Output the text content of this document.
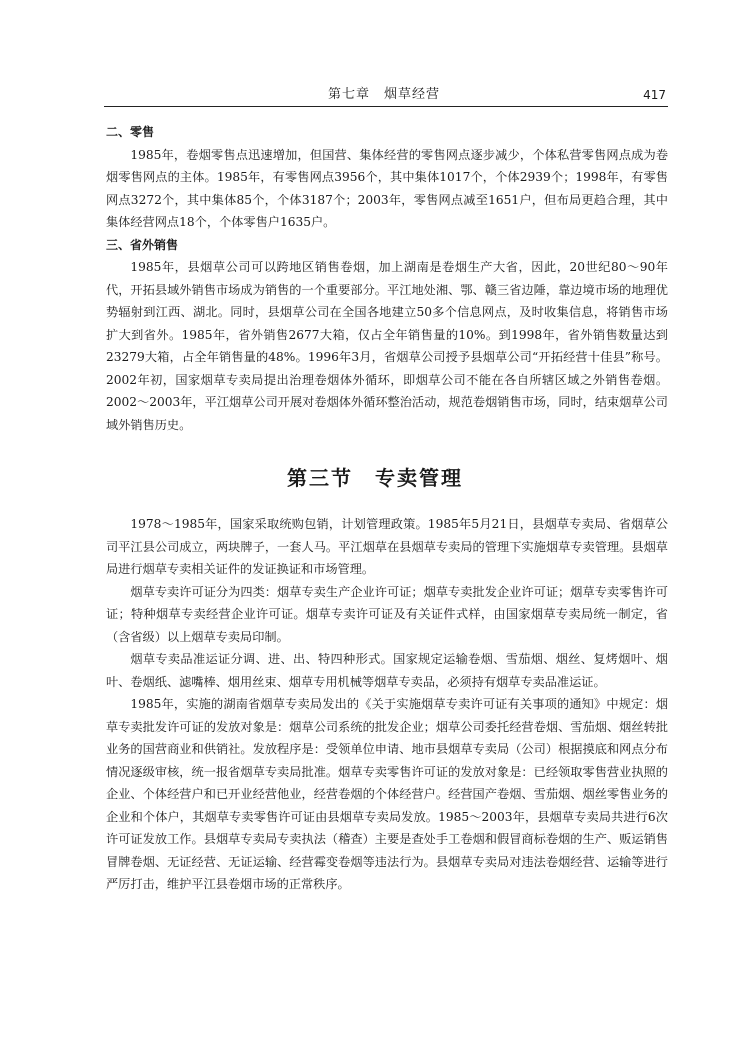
第七章　烟草经营	417

二、零售

1985年，卷烟零售点迅速增加，但国营、集体经营的零售网点逐步减少，个体私营零售网点成为卷烟零售网点的主体。1985年，有零售网点3956个，其中集体1017个，个体2939个；1998年，有零售网点3272个，其中集体85个，个体3187个；2003年，零售网点减至1651户，但布局更趋合理，其中集体经营网点18个，个体零售户1635户。

三、省外销售

1985年，县烟草公司可以跨地区销售卷烟，加上湖南是卷烟生产大省，因此，20世纪80～90年代，开拓县域外销售市场成为销售的一个重要部分。平江地处湘、鄂、赣三省边陲，靠边境市场的地理优势辐射到江西、湖北。同时，县烟草公司在全国各地建立50多个信息网点，及时收集信息，将销售市场扩大到省外。1985年，省外销售2677大箱，仅占全年销售量的10%。到1998年，省外销售数量达到23279大箱，占全年销售量的48%。1996年3月，省烟草公司授予县烟草公司“开拓经营十佳县”称号。2002年初，国家烟草专卖局提出治理卷烟体外循环，即烟草公司不能在各自所辖区域之外销售卷烟。2002～2003年，平江烟草公司开展对卷烟体外循环整治活动，规范卷烟销售市场，同时，结束烟草公司域外销售历史。

第三节 专卖管理

1978～1985年，国家采取统购包销，计划管理政策。1985年5月21日，县烟草专卖局、省烟草公司平江县公司成立，两块牌子，一套人马。平江烟草在县烟草专卖局的管理下实施烟草专卖管理。县烟草局进行烟草专卖相关证件的发证换证和市场管理。

烟草专卖许可证分为四类：烟草专卖生产企业许可证；烟草专卖批发企业许可证；烟草专卖零售许可证；特种烟草专卖经营企业许可证。烟草专卖许可证及有关证件式样，由国家烟草专卖局统一制定，省（含省级）以上烟草专卖局印制。

烟草专卖品准运证分调、进、出、特四种形式。国家规定运输卷烟、雪茄烟、烟丝、复烤烟叶、烟叶、卷烟纸、滤嘴棒、烟用丝束、烟草专用机械等烟草专卖品，必须持有烟草专卖品准运证。

1985年，实施的湖南省烟草专卖局发出的《关于实施烟草专卖许可证有关事项的通知》中规定：烟草专卖批发许可证的发放对象是：烟草公司系统的批发企业；烟草公司委托经营卷烟、雪茄烟、烟丝转批业务的国营商业和供销社。发放程序是：受领单位申请、地市县烟草专卖局（公司）根据摸底和网点分布情况逐级审核，统一报省烟草专卖局批准。烟草专卖零售许可证的发放对象是：已经领取零售营业执照的企业、个体经营户和已开业经营他业，经营卷烟的个体经营户。经营国产卷烟、雪茄烟、烟丝零售业务的企业和个体户，其烟草专卖零售许可证由县烟草专卖局发放。1985～2003年，县烟草专卖局共进行6次许可证发放工作。县烟草专卖局专卖执法（稽查）主要是查处手工卷烟和假冒商标卷烟的生产、贩运销售冒牌卷烟、无证经营、无证运输、经营霉变卷烟等违法行为。县烟草专卖局对违法卷烟经营、运输等进行严厉打击，维护平江县卷烟市场的正常秩序。
